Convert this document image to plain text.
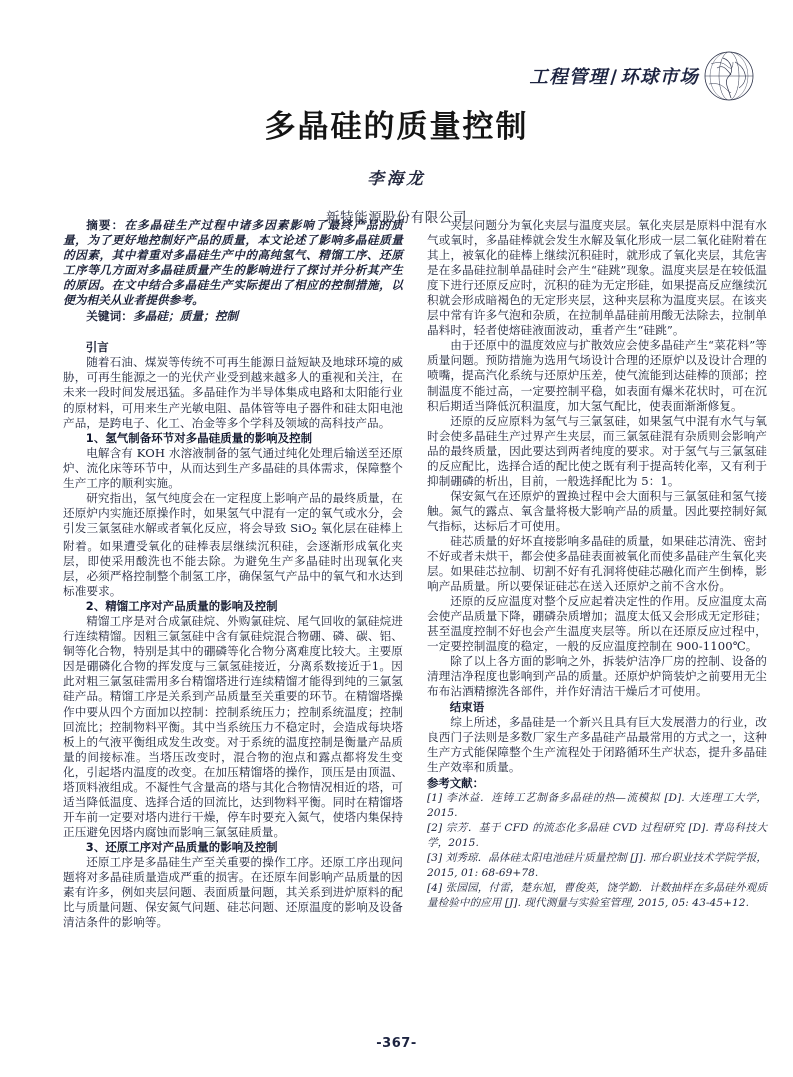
工程管理 / 环球市场
多晶硅的质量控制
李海龙
新特能源股份有限公司

摘要：在多晶硅生产过程中诸多因素影响了最终产品的质量，为了更好地控制好产品的质量，本文论述了影响多晶硅质量的因素，其中着重对多晶硅生产中的高纯氢气、精馏工序、还原工序等几方面对多晶硅质量产生的影响进行了探讨并分析其产生的原因。在文中结合多晶硅生产实际提出了相应的控制措施，以便为相关从业者提供参考。

关键词：多晶硅；质量；控制

引言

随着石油、煤炭等传统不可再生能源日益短缺及地球环境的威胁，可再生能源之一的光伏产业受到越来越多人的重视和关注，在未来一段时间发展迅猛。多晶硅作为半导体集成电路和太阳能行业的原材料，可用来生产光敏电阻、晶体管等电子器件和硅太阳电池产品，是跨电子、化工、冶金等多个学科及领域的高科技产品。

1、氢气制备环节对多晶硅质量的影响及控制

电解含有 KOH 水溶液制备的氢气通过纯化处理后输送至还原炉、流化床等环节中，从而达到生产多晶硅的具体需求，保障整个生产工序的顺利实施。

研究指出，氢气纯度会在一定程度上影响产品的最终质量，在还原炉内实施还原操作时，如果氢气中混有一定的氧气或水分，会引发三氯氢硅水解或者氧化反应，将会导致 SiO$_2$ 氧化层在硅棒上附着。如果遭受氧化的硅棒表层继续沉积硅，会逐渐形成氧化夹层，即使采用酸洗也不能去除。为避免生产多晶硅时出现氧化夹层，必须严格控制整个制氢工序，确保氢气产品中的氧气和水达到标准要求。

2、精馏工序对产品质量的影响及控制

精馏工序是对合成氯硅烷、外购氯硅烷、尾气回收的氯硅烷进行连续精馏。因粗三氯氢硅中含有氯硅烷混合物硼、磷、碳、铝、铜等化合物，特别是其中的硼磷等化合物分离难度比较大。主要原因是硼磷化合物的挥发度与三氯氢硅接近，分离系数接近于1。因此对粗三氯氢硅需用多台精馏塔进行连续精馏才能得到纯的三氯氢硅产品。精馏工序是关系到产品质量至关重要的环节。在精馏塔操作中要从四个方面加以控制：控制系统压力；控制系统温度；控制回流比；控制物料平衡。其中当系统压力不稳定时，会造成每块塔板上的气液平衡组成发生改变。对于系统的温度控制是衡量产品质量的间接标准。当塔压改变时，混合物的泡点和露点都将发生变化，引起塔内温度的改变。在加压精馏塔的操作，顶压是由顶温、塔顶料液组成。不凝性气含量高的塔与其化合物情况相近的塔，可适当降低温度、选择合适的回流比，达到物料平衡。同时在精馏塔开车前一定要对塔内进行干燥，停车时要充入氮气，使塔内集保持正压避免因塔内腐蚀而影响三氯氢硅质量。

3、还原工序对产品质量的影响及控制

还原工序是多晶硅生产至关重要的操作工序。还原工序出现问题将对多晶硅质量造成严重的损害。在还原车间影响产品质量的因素有许多，例如夹层问题、表面质量问题，其关系到进炉原料的配比与质量问题、保安氮气问题、硅芯问题、还原温度的影响及设备清洁条件的影响等。

夹层问题分为氧化夹层与温度夹层。氧化夹层是原料中混有水气或氧时，多晶硅棒就会发生水解及氧化形成一层二氧化硅附着在其上，被氧化的硅棒上继续沉积硅时，就形成了氧化夹层，其危害是在多晶硅拉制单晶硅时会产生“硅跳”现象。温度夹层是在较低温度下进行还原反应时，沉积的硅为无定形硅，如果提高反应继续沉积就会形成暗褐色的无定形夹层，这种夹层称为温度夹层。在该夹层中常有许多气泡和杂质，在拉制单晶硅前用酸无法除去，拉制单晶料时，轻者使熔硅液面波动，重者产生“硅跳”。

由于还原中的温度效应与扩散效应会使多晶硅产生“菜花料”等质量问题。预防措施为选用气场设计合理的还原炉以及设计合理的喷嘴，提高汽化系统与还原炉压差，使气流能到达硅棒的顶部；控制温度不能过高，一定要控制平稳，如表面有爆米花状时，可在沉积后期适当降低沉积温度，加大氢气配比，使表面渐渐修复。

还原的反应原料为氢气与三氯氢硅，如果氢气中混有水气与氧时会使多晶硅生产过界产生夹层，而三氯氢硅混有杂质则会影响产品的最终质量，因此要达到两者纯度的要求。对于氢气与三氯氢硅的反应配比，选择合适的配比使之既有利于提高转化率，又有利于抑制硼磷的析出，目前，一般选择配比为 5：1。

保安氮气在还原炉的置换过程中会大面积与三氯氢硅和氢气接触。氮气的露点、氧含量将极大影响产品的质量。因此要控制好氮气指标，达标后才可使用。

硅芯质量的好坏直接影响多晶硅的质量，如果硅芯清洗、密封不好或者未烘干，都会使多晶硅表面被氧化而使多晶硅产生氧化夹层。如果硅芯拉制、切割不好有孔洞将使硅芯融化而产生倒棒，影响产品质量。所以要保证硅芯在送入还原炉之前不含水份。

还原的反应温度对整个反应起着决定性的作用。反应温度太高会使产品质量下降，硼磷杂质增加；温度太低又会形成无定形硅；甚至温度控制不好也会产生温度夹层等。所以在还原反应过程中，一定要控制温度的稳定，一般的反应温度控制在 900-1100℃。

除了以上各方面的影响之外，拆装炉洁净厂房的控制、设备的清理洁净程度也影响到产品的质量。还原炉炉筒装炉之前要用无尘布布沾酒精擦洗各部件，并作好清洁干燥后才可使用。

结束语

综上所述，多晶硅是一个新兴且具有巨大发展潜力的行业，改良西门子法则是多数厂家生产多晶硅产品最常用的方式之一，这种生产方式能保障整个生产流程处于闭路循环生产状态，提升多晶硅生产效率和质量。

参考文献：

[1] 李沐益．连铸工艺制备多晶硅的热—流模拟 [D]. 大连理工大学，2015.

[2] 宗芳．基于 CFD 的流态化多晶硅 CVD 过程研究 [D]. 青岛科技大学，2015.

[3] 刘秀琼．晶体硅太阳电池硅片质量控制 [J]. 邢台职业技术学院学报，2015, 01: 68-69+78.

[4] 张园园，付雷，楚东旭，曹俊英，饶学勤．计数抽样在多晶硅外观质量检验中的应用 [J]. 现代测量与实验室管理, 2015, 05: 43-45+12.

-367-
